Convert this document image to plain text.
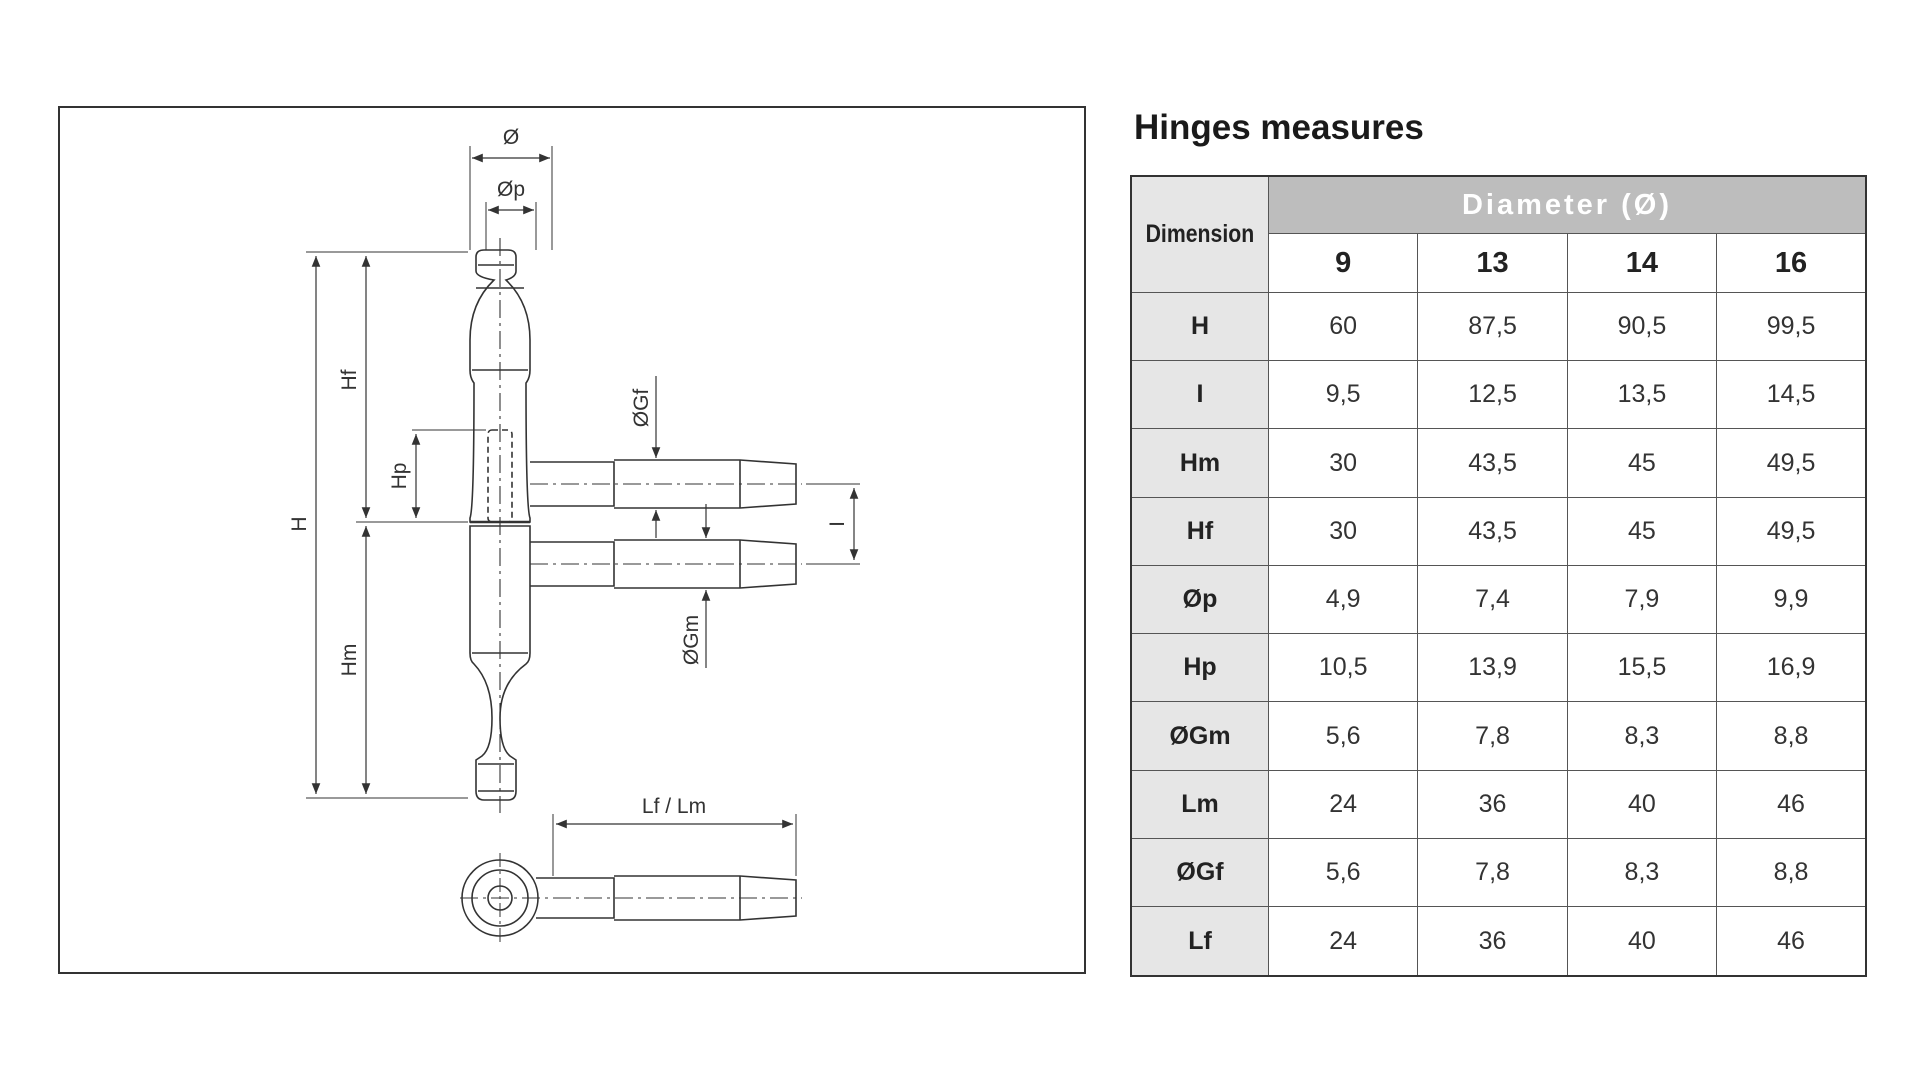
Ø
Øp
H
Hf
Hm
Hp
ØGf
ØGm
I
Lf / Lm
Hinges measures
Dimension	Diameter (Ø)			
	9	13	14	16
H	60	87,5	90,5	99,5
I	9,5	12,5	13,5	14,5
Hm	30	43,5	45	49,5
Hf	30	43,5	45	49,5
Øp	4,9	7,4	7,9	9,9
Hp	10,5	13,9	15,5	16,9
ØGm	5,6	7,8	8,3	8,8
Lm	24	36	40	46
ØGf	5,6	7,8	8,3	8,8
Lf	24	36	40	46
